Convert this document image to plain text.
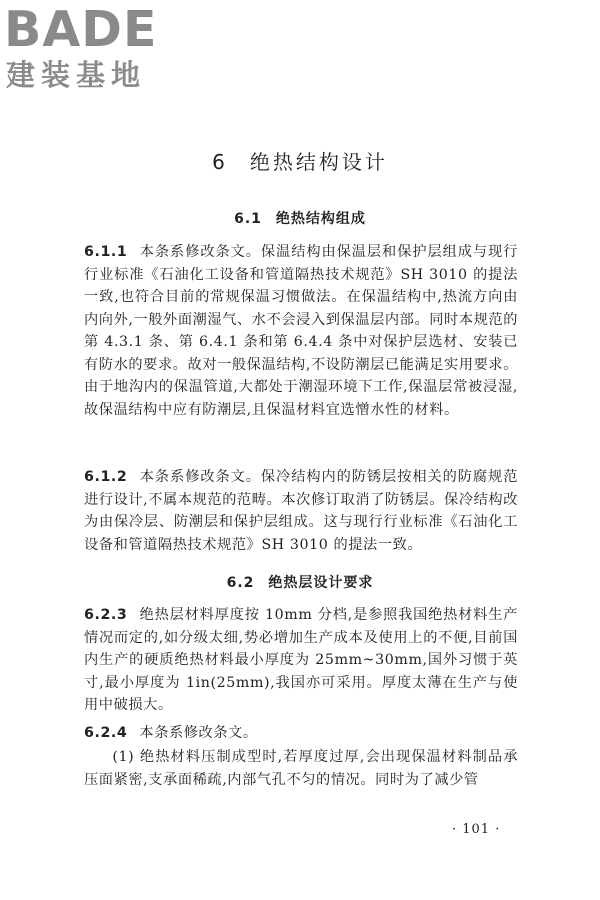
BADE
建装基地
6 绝热结构设计
6.1 绝热结构组成

6.1.1 本条系修改条文。保温结构由保温层和保护层组成与现行行业标准《石油化工设备和管道隔热技术规范》SH 3010 的提法一致,也符合目前的常规保温习惯做法。在保温结构中,热流方向由内向外,一般外面潮湿气、水不会浸入到保温层内部。同时本规范的第 4.3.1 条、第 6.4.1 条和第 6.4.4 条中对保护层选材、安装已有防水的要求。故对一般保温结构,不设防潮层已能满足实用要求。由于地沟内的保温管道,大都处于潮湿环境下工作,保温层常被浸湿,故保温结构中应有防潮层,且保温材料宜选憎水性的材料。

6.1.2 本条系修改条文。保冷结构内的防锈层按相关的防腐规范进行设计,不属本规范的范畴。本次修订取消了防锈层。保冷结构改为由保冷层、防潮层和保护层组成。这与现行行业标准《石油化工设备和管道隔热技术规范》SH 3010 的提法一致。

6.2 绝热层设计要求

6.2.3 绝热层材料厚度按 10mm 分档,是参照我国绝热材料生产情况而定的,如分级太细,势必增加生产成本及使用上的不便,目前国内生产的硬质绝热材料最小厚度为 25mm~30mm,国外习惯于英寸,最小厚度为 1in(25mm),我国亦可采用。厚度太薄在生产与使用中破损大。

6.2.4 本条系修改条文。

(1) 绝热材料压制成型时,若厚度过厚,会出现保温材料制品承压面紧密,支承面稀疏,内部气孔不匀的情况。同时为了减少管

· 101 ·
